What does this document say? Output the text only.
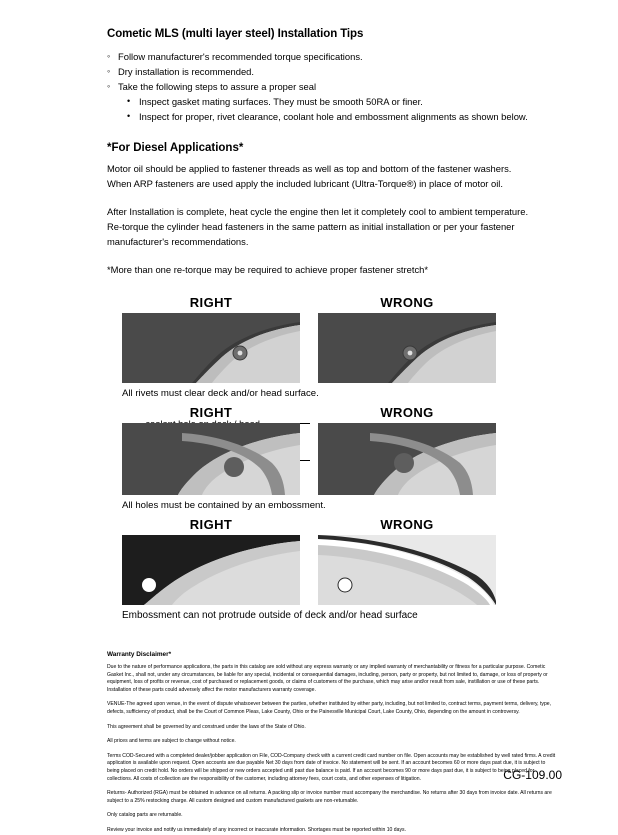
Cometic MLS (multi layer steel) Installation Tips
◦ Follow manufacturer's recommended torque specifications.
◦ Dry installation is recommended.
◦ Take the following steps to assure a proper seal
• Inspect gasket mating surfaces. They must be smooth 50RA or finer.
• Inspect for proper, rivet clearance, coolant hole and embossment alignments as shown below.
*For Diesel Applications*

Motor oil should be applied to fastener threads as well as top and bottom of the fastener washers. When ARP fasteners are used apply the included lubricant (Ultra-Torque®) in place of motor oil.

After Installation is complete, heat cycle the engine then let it completely cool to ambient temperature. Re-torque the cylinder head fasteners in the same pattern as initial installation or per your fastener manufacturer's recommendations.

*More than one re-torque may be required to achieve proper fastener stretch*

RIGHT	WRONG
All rivets must clear deck and/or head surface.
RIGHT	WRONG
All holes must be contained by an embossment.
RIGHT	WRONG
Embossment can not protrude outside of deck and/or head surface
Warranty Disclaimer*

Due to the nature of performance applications, the parts in this catalog are sold without any express warranty or any implied warranty of merchantability or fitness for a particular purpose. Cometic Gasket Inc., shall not, under any circumstances, be liable for any special, incidental or consequential damages, including, person, party or property, but not limited to, damage, or loss of property or equipment, loss of profits or revenue, cost of purchased or replacement goods, or claims of customers of the purchase, which may arise and/or result from sale, instillation or use of these parts. Installation of these parts could adversely affect the motor manufacturers warranty coverage.

VENUE-The agreed upon venue, in the event of dispute whatsoever between the parties, whether instituted by either party, including, but not limited to, contract terms, payment terms, delivery, type, defects, sufficiency of product, shall be the Court of Common Pleas, Lake County, Ohio or the Painesville Municipal Court, Lake County, Ohio, depending on the amount in controversy.

This agreement shall be governed by and construed under the laws of the State of Ohio.

All prices and terms are subject to change without notice.

Terms COD-Secured with a completed dealer/jobber application on File, COD-Company check with a current credit card number on file. Open accounts may be established by well rated firms. A credit application is available upon request. Open accounts are due payable Net 30 days from date of invoice. No statement will be sent. If an account becomes 60 or more days past due, it is subject to being placed on credit hold. No orders will be shipped or new orders accepted until past due balance is paid. If an account becomes 90 or more days past due, it is subject to being placed for collections. All costs of collection are the responsibility of the customer, including attorney fees, court costs, and other expenses of litigation.

Returns- Authorized (RGA) must be obtained in advance on all returns. A packing slip or invoice number must accompany the merchandise. No returns after 30 days from invoice date. All returns are subject to a 25% restocking charge. All custom designed and custom manufactured gaskets are non-returnable.

Only catalog parts are returnable.

Review your invoice and notify us immediately of any incorrect or inaccurate information. Shortages must be reported within 10 days.

CG-109.00
